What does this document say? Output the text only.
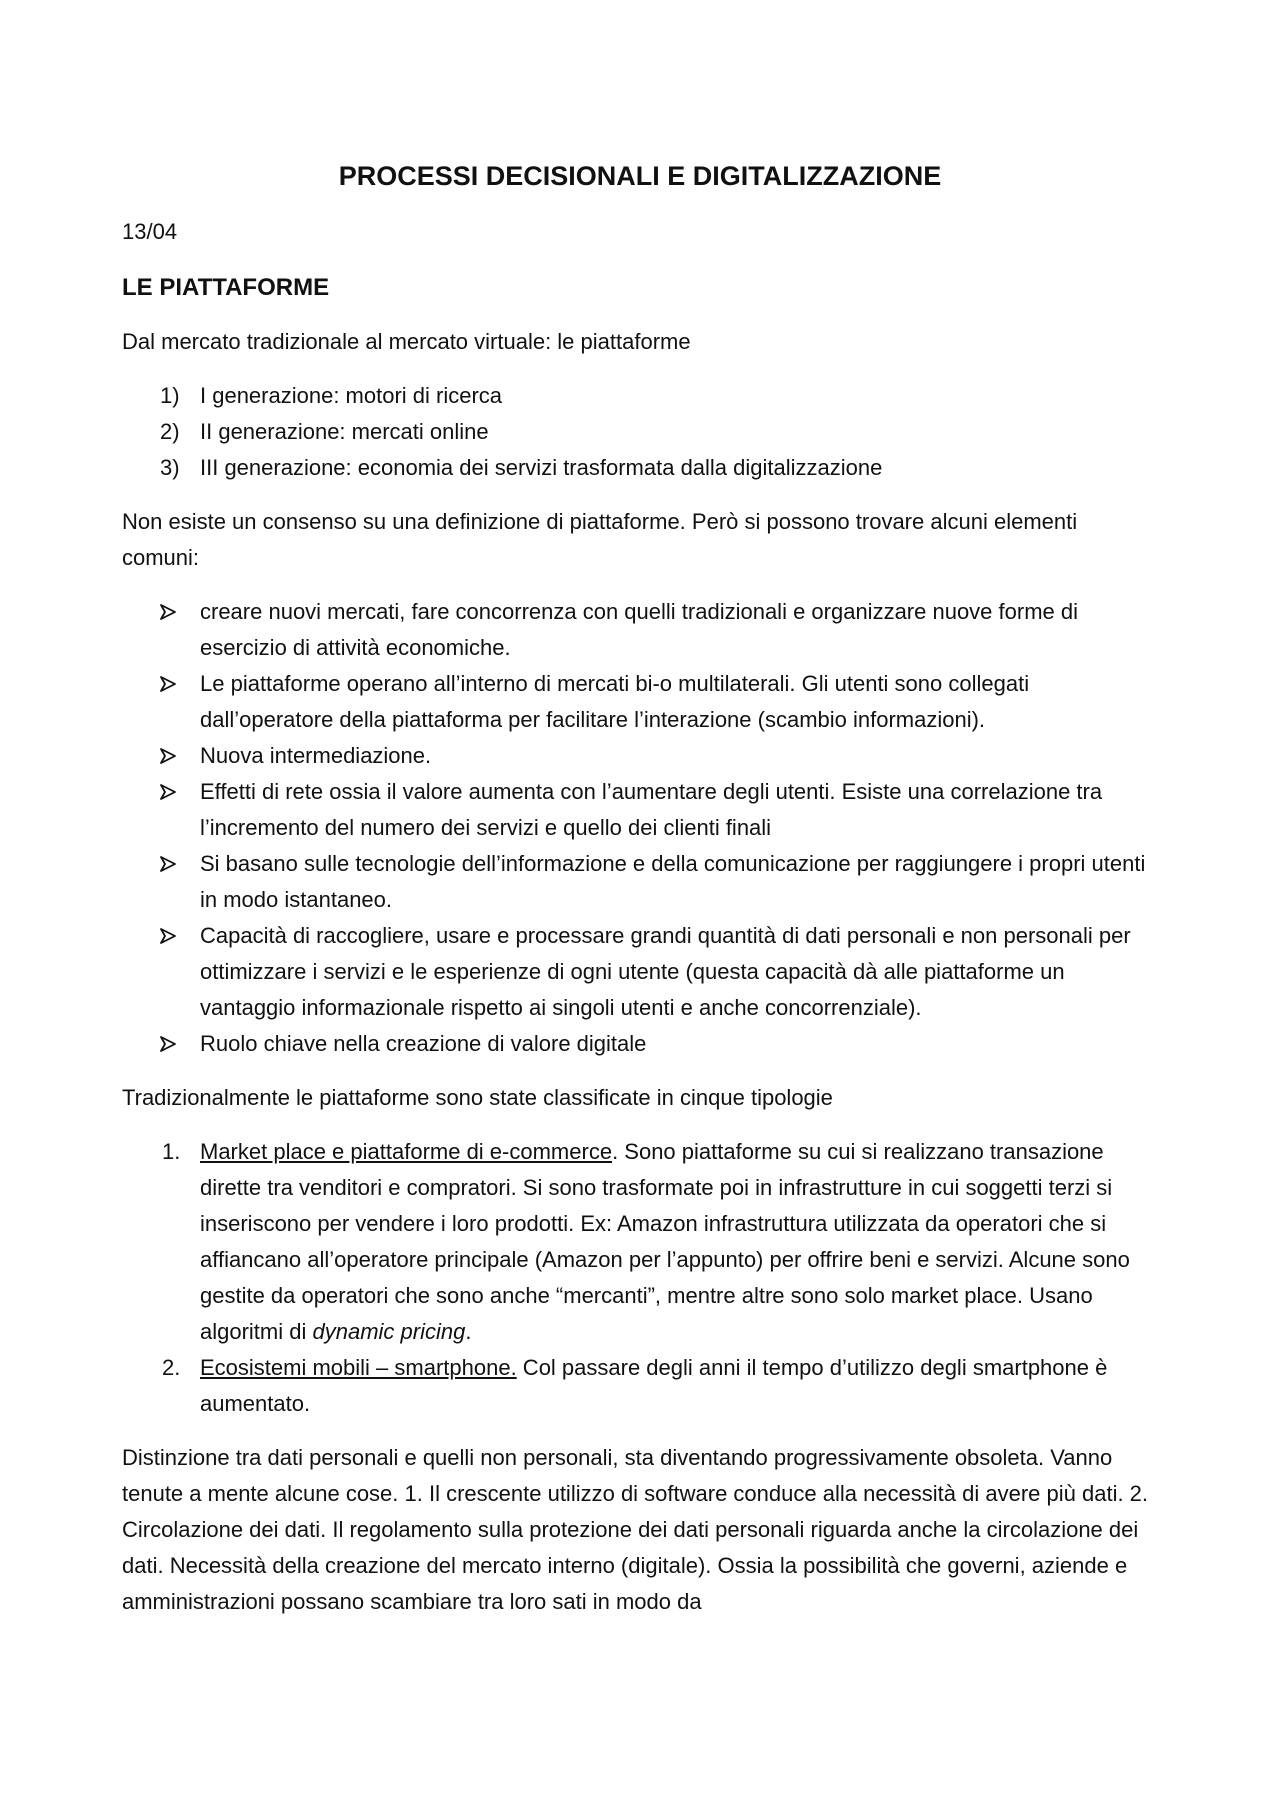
PROCESSI DECISIONALI E DIGITALIZZAZIONE
13/04
LE PIATTAFORME

Dal mercato tradizionale al mercato virtuale: le piattaforme

I generazione: motori di ricerca
II generazione: mercati online
III generazione: economia dei servizi trasformata dalla digitalizzazione

Non esiste un consenso su una definizione di piattaforme. Però si possono trovare alcuni elementi comuni:

creare nuovi mercati, fare concorrenza con quelli tradizionali e organizzare nuove forme di esercizio di attività economiche.
Le piattaforme operano all’interno di mercati bi-o multilaterali. Gli utenti sono collegati dall’operatore della piattaforma per facilitare l’interazione (scambio informazioni).
Nuova intermediazione.
Effetti di rete ossia il valore aumenta con l’aumentare degli utenti. Esiste una correlazione tra l’incremento del numero dei servizi e quello dei clienti finali
Si basano sulle tecnologie dell’informazione e della comunicazione per raggiungere i propri utenti in modo istantaneo.
Capacità di raccogliere, usare e processare grandi quantità di dati personali e non personali per ottimizzare i servizi e le esperienze di ogni utente (questa capacità dà alle piattaforme un vantaggio informazionale rispetto ai singoli utenti e anche concorrenziale).
Ruolo chiave nella creazione di valore digitale

Tradizionalmente le piattaforme sono state classificate in cinque tipologie

Market place e piattaforme di e-commerce. Sono piattaforme su cui si realizzano transazione dirette tra venditori e compratori. Si sono trasformate poi in infrastrutture in cui soggetti terzi si inseriscono per vendere i loro prodotti. Ex: Amazon infrastruttura utilizzata da operatori che si affiancano all’operatore principale (Amazon per l’appunto) per offrire beni e servizi. Alcune sono gestite da operatori che sono anche “mercanti”, mentre altre sono solo market place. Usano algoritmi di dynamic pricing.
Ecosistemi mobili – smartphone. Col passare degli anni il tempo d’utilizzo degli smartphone è aumentato.

Distinzione tra dati personali e quelli non personali, sta diventando progressivamente obsoleta. Vanno tenute a mente alcune cose. 1. Il crescente utilizzo di software conduce alla necessità di avere più dati. 2. Circolazione dei dati. Il regolamento sulla protezione dei dati personali riguarda anche la circolazione dei dati. Necessità della creazione del mercato interno (digitale). Ossia la possibilità che governi, aziende e amministrazioni possano scambiare tra loro sati in modo da
